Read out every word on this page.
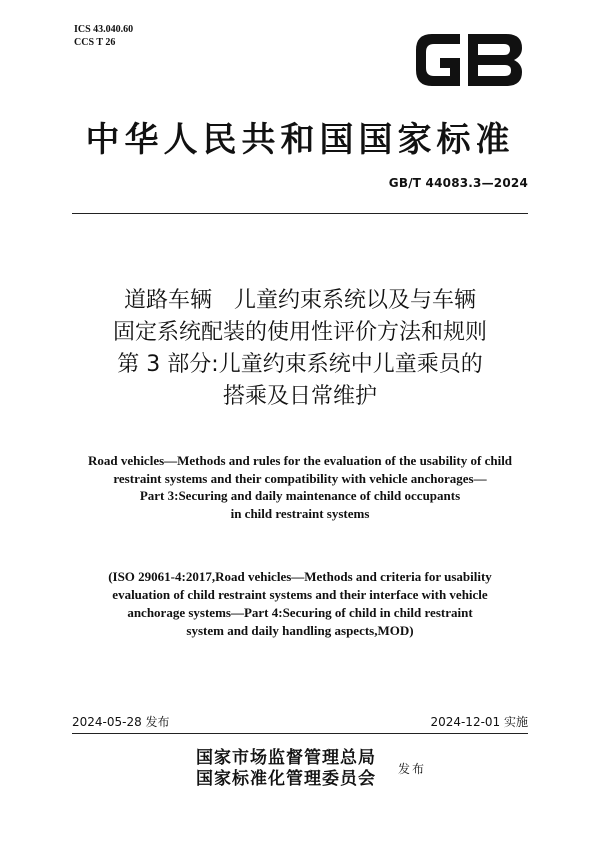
ICS 43.040.60
CCS T 26
中华人民共和国国家标准
GB/T 44083.3—2024
道路车辆　儿童约束系统以及与车辆
固定系统配装的使用性评价方法和规则
第 3 部分:儿童约束系统中儿童乘员的
搭乘及日常维护
Road vehicles—Methods and rules for the evaluation of the usability of child
restraint systems and their compatibility with vehicle anchorages—
Part 3:Securing and daily maintenance of child occupants
in child restraint systems
(ISO 29061-4:2017,Road vehicles—Methods and criteria for usability
evaluation of child restraint systems and their interface with vehicle
anchorage systems—Part 4:Securing of child in child restraint
system and daily handling aspects,MOD)
2024-05-28 发布	2024-12-01 实施
国家市场监督管理总局
国家标准化管理委员会 发布
